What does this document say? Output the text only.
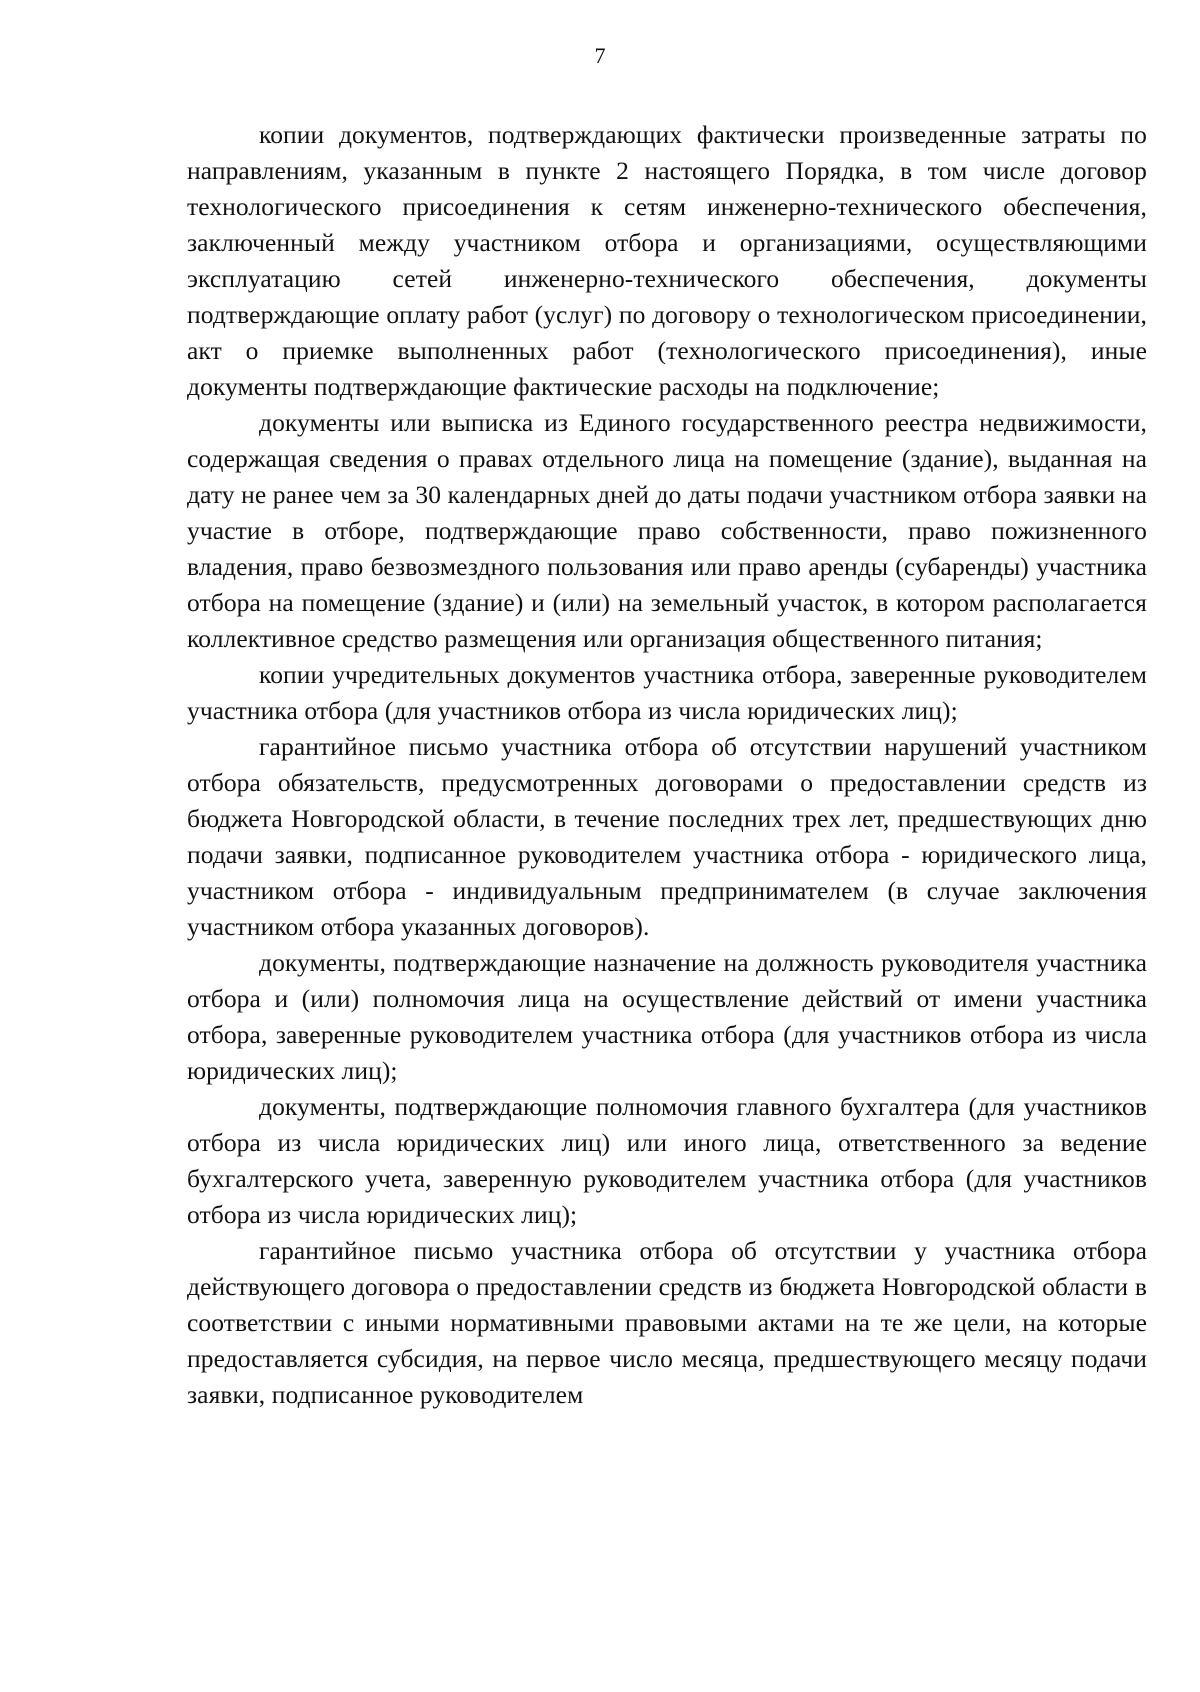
7

копии документов, подтверждающих фактически произведенные затраты по направлениям, указанным в пункте 2 настоящего Порядка, в том числе договор технологического присоединения к сетям инженерно-технического обеспечения, заключенный между участником отбора и организациями, осуществляющими эксплуатацию сетей инженерно-технического обеспечения, документы подтверждающие оплату работ (услуг) по договору о технологическом присоединении, акт о приемке выполненных работ (технологического присоединения), иные документы подтверждающие фактические расходы на подключение;

документы или выписка из Единого государственного реестра недвижимости, содержащая сведения о правах отдельного лица на помещение (здание), выданная на дату не ранее чем за 30 календарных дней до даты подачи участником отбора заявки на участие в отборе, подтверждающие право собственности, право пожизненного владения, право безвозмездного пользования или право аренды (субаренды) участника отбора на помещение (здание) и (или) на земельный участок, в котором располагается коллективное средство размещения или организация общественного питания;

копии учредительных документов участника отбора, заверенные руководителем участника отбора (для участников отбора из числа юридических лиц);

гарантийное письмо участника отбора об отсутствии нарушений участником отбора обязательств, предусмотренных договорами о предоставлении средств из бюджета Новгородской области, в течение последних трех лет, предшествующих дню подачи заявки, подписанное руководителем участника отбора - юридического лица, участником отбора - индивидуальным предпринимателем (в случае заключения участником отбора указанных договоров).

документы, подтверждающие назначение на должность руководителя участника отбора и (или) полномочия лица на осуществление действий от имени участника отбора, заверенные руководителем участника отбора (для участников отбора из числа юридических лиц);

документы, подтверждающие полномочия главного бухгалтера (для участников отбора из числа юридических лиц) или иного лица, ответственного за ведение бухгалтерского учета, заверенную руководителем участника отбора (для участников отбора из числа юридических лиц);

гарантийное письмо участника отбора об отсутствии у участника отбора действующего договора о предоставлении средств из бюджета Новгородской области в соответствии с иными нормативными правовыми актами на те же цели, на которые предоставляется субсидия, на первое число месяца, предшествующего месяцу подачи заявки, подписанное руководителем
